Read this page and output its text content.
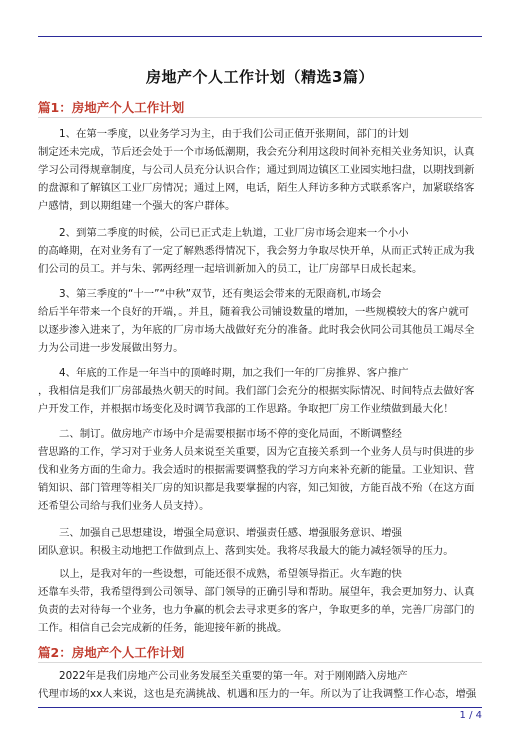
房地产个人工作计划（精选3篇）
篇1：房地产个人工作计划

1、在第一季度，以业务学习为主，由于我们公司正值开张期间，部门的计划

制定还未完成，节后还会处于一个市场低潮期，我会充分利用这段时间补充相关业务知识，认真

学习公司得规章制度，与公司人员充分认识合作；通过到周边镇区工业园实地扫盘，以期找到新

的盘源和了解镇区工业厂房情况；通过上网，电话，陌生人拜访多种方式联系客户，加紧联络客

户感情，到以期组建一个强大的客户群体。

2、到第二季度的时候，公司已正式走上轨道，工业厂房市场会迎来一个小小

的高峰期，在对业务有了一定了解熟悉得情况下，我会努力争取尽快开单，从而正式转正成为我

们公司的员工。并与朱、郭两经理一起培训新加入的员工，让厂房部早日成长起来。

3、第三季度的“十一”“中秋”双节，还有奥运会带来的无限商机,市场会

给后半年带来一个良好的开端，。并且，随着我公司铺设数量的增加，一些规模较大的客户就可

以逐步渗入进来了，为年底的厂房市场大战做好充分的准备。此时我会伙同公司其他员工竭尽全

力为公司进一步发展做出努力。

4、年底的工作是一年当中的顶峰时期，加之我们一年的厂房推界、客户推广

，我相信是我们厂房部最热火朝天的时间。我们部门会充分的根据实际情况、时间特点去做好客

户开发工作，并根据市场变化及时调节我部的工作思路。争取把厂房工作业绩做到最大化！

二、制订。做房地产市场中介是需要根据市场不停的变化局面，不断调整经

营思路的工作，学习对于业务人员来说至关重要，因为它直接关系到一个业务人员与时俱进的步

伐和业务方面的生命力。我会适时的根据需要调整我的学习方向来补充新的能量。工业知识、营

销知识、部门管理等相关厂房的知识都是我要掌握的内容，知己知彼，方能百战不殆（在这方面

还希望公司给与我们业务人员支持）。

三、加强自己思想建设，增强全局意识、增强责任感、增强服务意识、增强

团队意识。积极主动地把工作做到点上、落到实处。我将尽我最大的能力减轻领导的压力。

以上，是我对年的一些设想，可能还很不成熟，希望领导指正。火车跑的快

还靠车头带，我希望得到公司领导、部门领导的正确引导和帮助。展望年，我会更加努力、认真

负责的去对待每一个业务，也力争赢的机会去寻求更多的客户，争取更多的单，完善厂房部门的

工作。相信自己会完成新的任务，能迎接年新的挑战。

篇2：房地产个人工作计划

2022年是我们房地产公司业务发展至关重要的第一年。对于刚刚踏入房地产

代理市场的xx人来说，这也是充满挑战、机遇和压力的一年。所以为了让我调整工作心态，增强

1 / 4
